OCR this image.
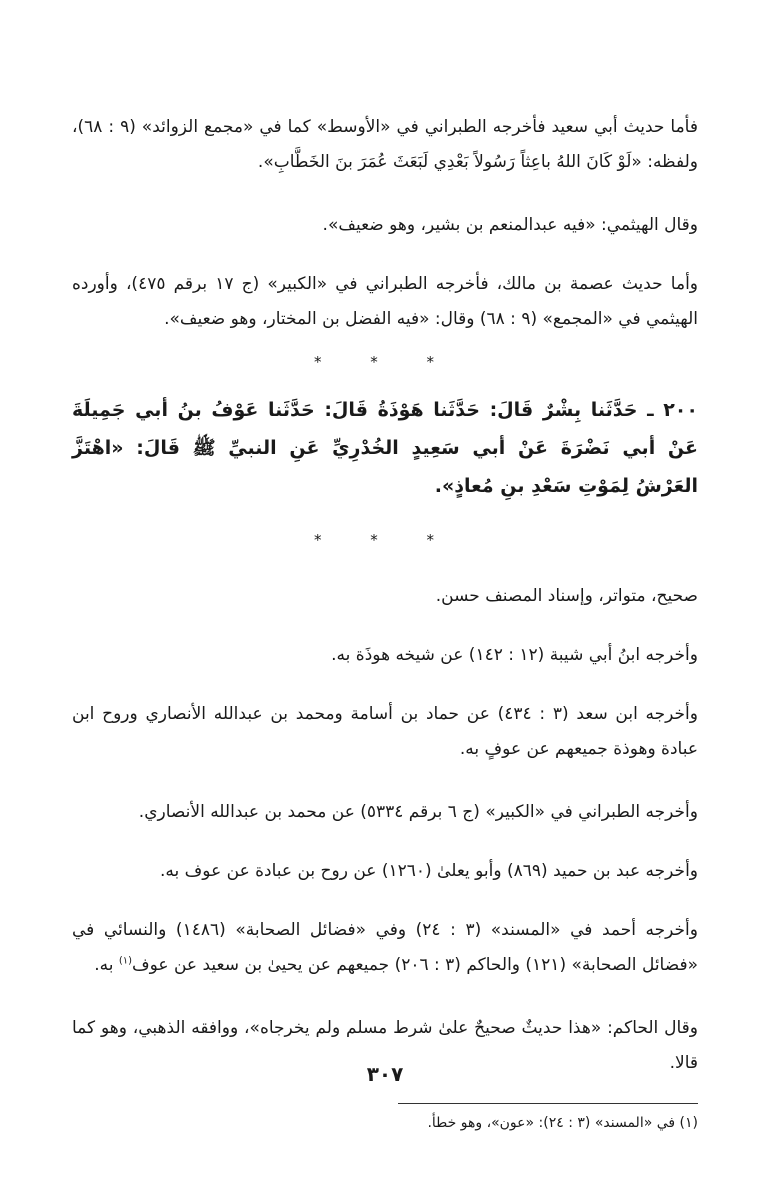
فأما حديث أبي سعيد فأخرجه الطبراني في «الأوسط» كما في «مجمع الزوائد» (٩ : ٦٨)، ولفظه: «لَوْ كَانَ اللهُ باعِثاً رَسُولاً بَعْدِي لَبَعَثَ عُمَرَ بنَ الخَطَّابِ».

وقال الهيثمي: «فيه عبدالمنعم بن بشير، وهو ضعيف».

وأما حديث عصمة بن مالك، فأخرجه الطبراني في «الكبير» (ج ١٧ برقم ٤٧٥)، وأورده الهيثمي في «المجمع» (٩ : ٦٨) وقال: «فيه الفضل بن المختار، وهو ضعيف».

* * *

٢٠٠ ـ حَدَّثَنا بِشْرٌ قَالَ: حَدَّثَنا هَوْذَةُ قَالَ: حَدَّثَنا عَوْفُ بنُ أبي جَمِيلَةَ عَنْ أبي نَضْرَةَ عَنْ أبي سَعِيدٍ الخُدْرِيِّ عَنِ النبيِّ ﷺ قَالَ: «اهْتَزَّ العَرْشُ لِمَوْتِ سَعْدِ بنِ مُعاذٍ».

* * *

صحيح، متواتر، وإسناد المصنف حسن.

وأخرجه ابنُ أبي شيبة (١٢ : ١٤٢) عن شيخه هوذَة به.

وأخرجه ابن سعد (٣ : ٤٣٤) عن حماد بن أسامة ومحمد بن عبدالله الأنصاري وروح ابن عبادة وهوذة جميعهم عن عوفٍ به.

وأخرجه الطبراني في «الكبير» (ج ٦ برقم ٥٣٣٤) عن محمد بن عبدالله الأنصاري.

وأخرجه عبد بن حميد (٨٦٩) وأبو يعلىٰ (١٢٦٠) عن روح بن عبادة عن عوف به.

وأخرجه أحمد في «المسند» (٣ : ٢٤) وفي «فضائل الصحابة» (١٤٨٦) والنسائي في «فضائل الصحابة» (١٢١) والحاكم (٣ : ٢٠٦) جميعهم عن يحيىٰ بن سعيد عن عوف$^{(١)}$ به.

وقال الحاكم: «هذا حديثٌ صحيحٌ علىٰ شرط مسلم ولم يخرجاه»، ووافقه الذهبي، وهو كما قالا.

(١) في «المسند» (٣ : ٢٤): «عون»، وهو خطأ.
٣٠٧
